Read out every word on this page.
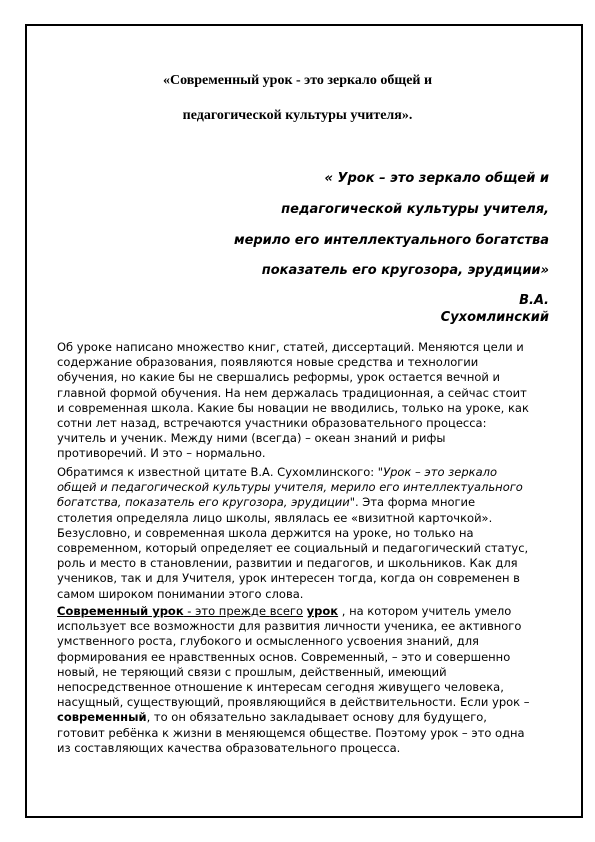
«Современный урок - это зеркало общей и
педагогической культуры учителя».
« Урок – это зеркало общей и
педагогической культуры учителя,
мерило его интеллектуального богатства
показатель его кругозора, эрудиции»
В.А.
Сухомлинский
Об уроке написано множество книг, статей, диссертаций. Меняются цели и
содержание образования, появляются новые средства и технологии
обучения, но какие бы не свершались реформы, урок остается вечной и
главной формой обучения. На нем держалась традиционная, а сейчас стоит
и современная школа. Какие бы новации не вводились, только на уроке, как
сотни лет назад, встречаются участники образовательного процесса:
учитель и ученик. Между ними (всегда) – океан знаний и рифы
противоречий. И это – нормально.
Обратимся к известной цитате В.А. Сухомлинского: "Урок – это зеркало
общей и педагогической культуры учителя, мерило его интеллектуального
богатства, показатель его кругозора, эрудиции". Эта форма многие
столетия определяла лицо школы, являлась ее «визитной карточкой».
Безусловно, и современная школа держится на уроке, но только на
современном, который определяет ее социальный и педагогический статус,
роль и место в становлении, развитии и педагогов, и школьников. Как для
учеников, так и для Учителя, урок интересен тогда, когда он современен в
самом широком понимании этого слова.
Современный урок - это прежде всего урок , на котором учитель умело
использует все возможности для развития личности ученика, ее активного
умственного роста, глубокого и осмысленного усвоения знаний, для
формирования ее нравственных основ. Современный, – это и совершенно
новый, не теряющий связи с прошлым, действенный, имеющий
непосредственное отношение к интересам сегодня живущего человека,
насущный, существующий, проявляющийся в действительности. Если урок –
современный, то он обязательно закладывает основу для будущего,
готовит ребёнка к жизни в меняющемся обществе. Поэтому урок – это одна
из составляющих качества образовательного процесса.
